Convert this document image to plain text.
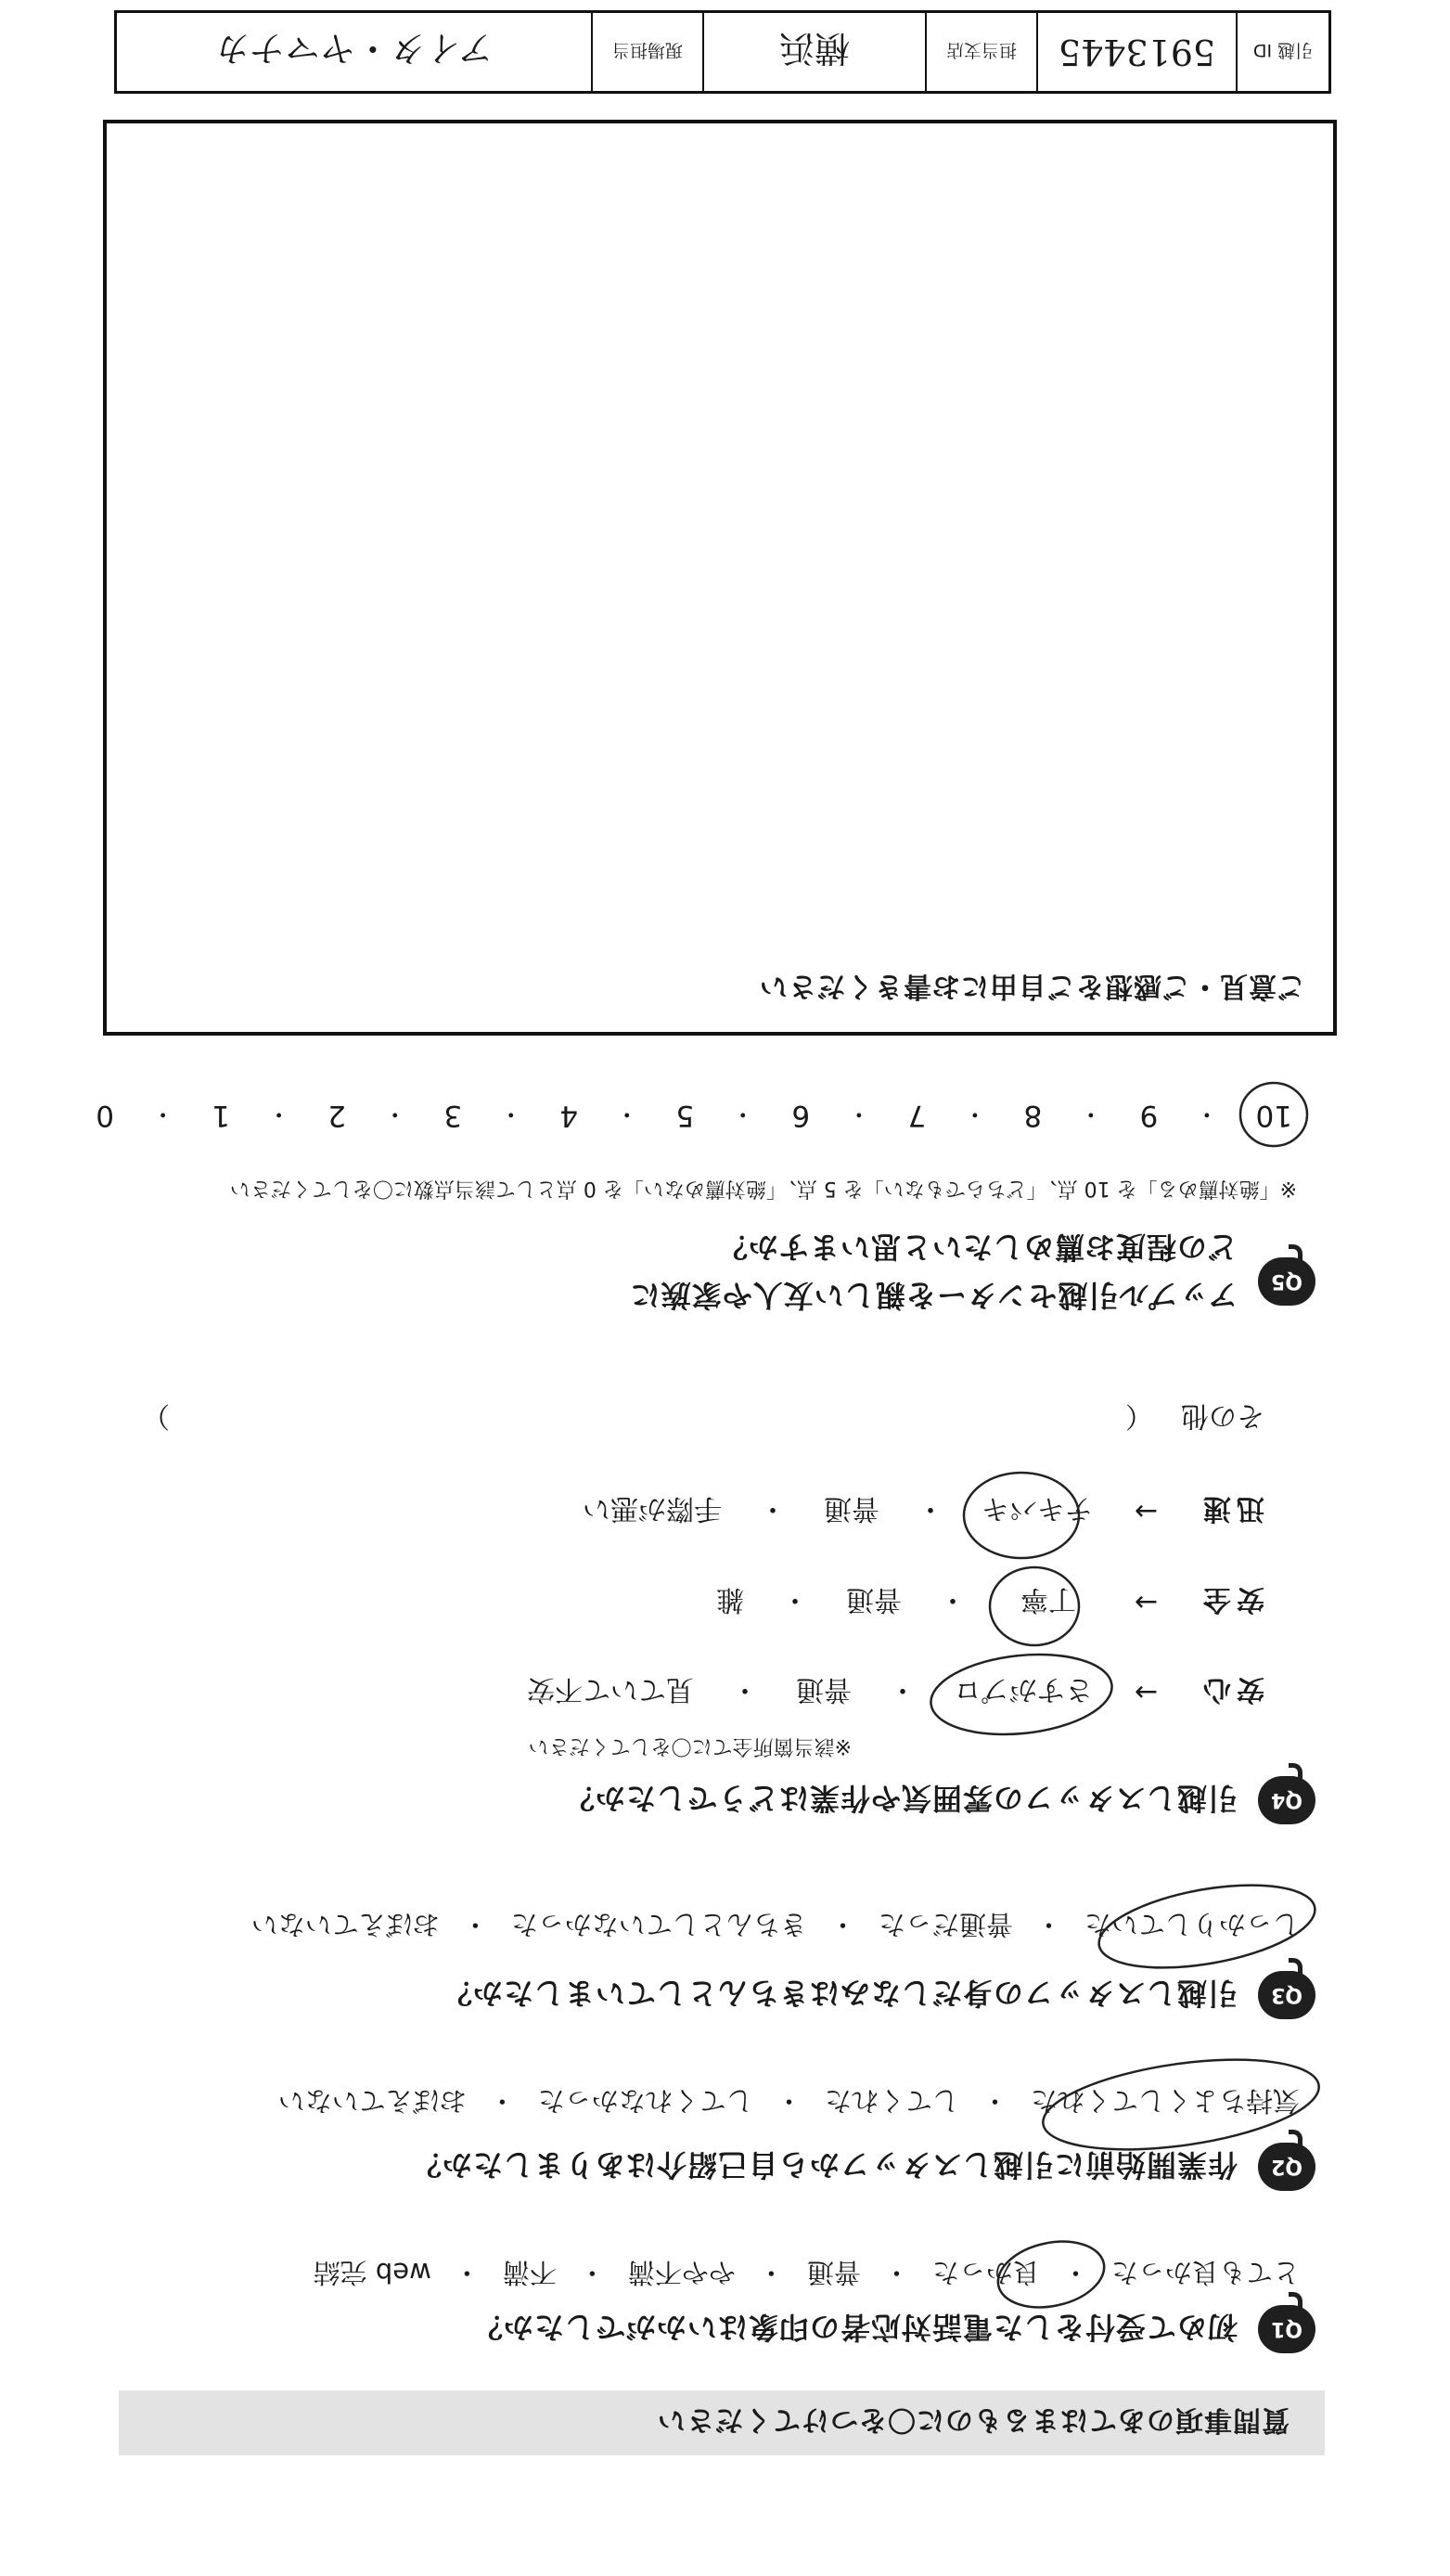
質問事項のあてはまるものに〇をつけてください
Q1
初めて受付をした電話対応者の印象はいかがでしたか？
とても良かった
・
良かった
・
普通
・
やや不満
・
不満
・
web 完結
Q2
作業開始前に引越しスタッフから自己紹介はありましたか？
気持ちよくしてくれた
・
してくれた
・
してくれなかった
・
おぼえていない
Q3
引越しスタッフの身だしなみはきちんとしていましたか？
しっかりしていた
・
普通だった
・
きちんとしていなかった
・
おぼえていない
Q4
引越しスタッフの雰囲気や作業はどうでしたか？
※該当箇所全てに〇をしてください
安心
→
さすがプロ
・
普通
・
見ていて不安
安全
→
丁寧
・
普通
・
雑
迅速
→
テキパキ
・
普通
・
手際が悪い
その他
（
）
Q5
アップル引越センターを親しい友人や家族に
どの程度お薦めしたいと思いますか？
※「絶対薦める」を 10 点、「どちらでもない」を 5 点、「絶対薦めない」を 0 点として該当点数に〇をしてください
10
・
9
・
8
・
7
・
6
・
5
・
4
・
3
・
2
・
1
・
0
ご意見・ご感想をご自由にお書きください
引越 ID
5913445
担当支店
横浜
現場担当
アイタ・ヤマナカ
